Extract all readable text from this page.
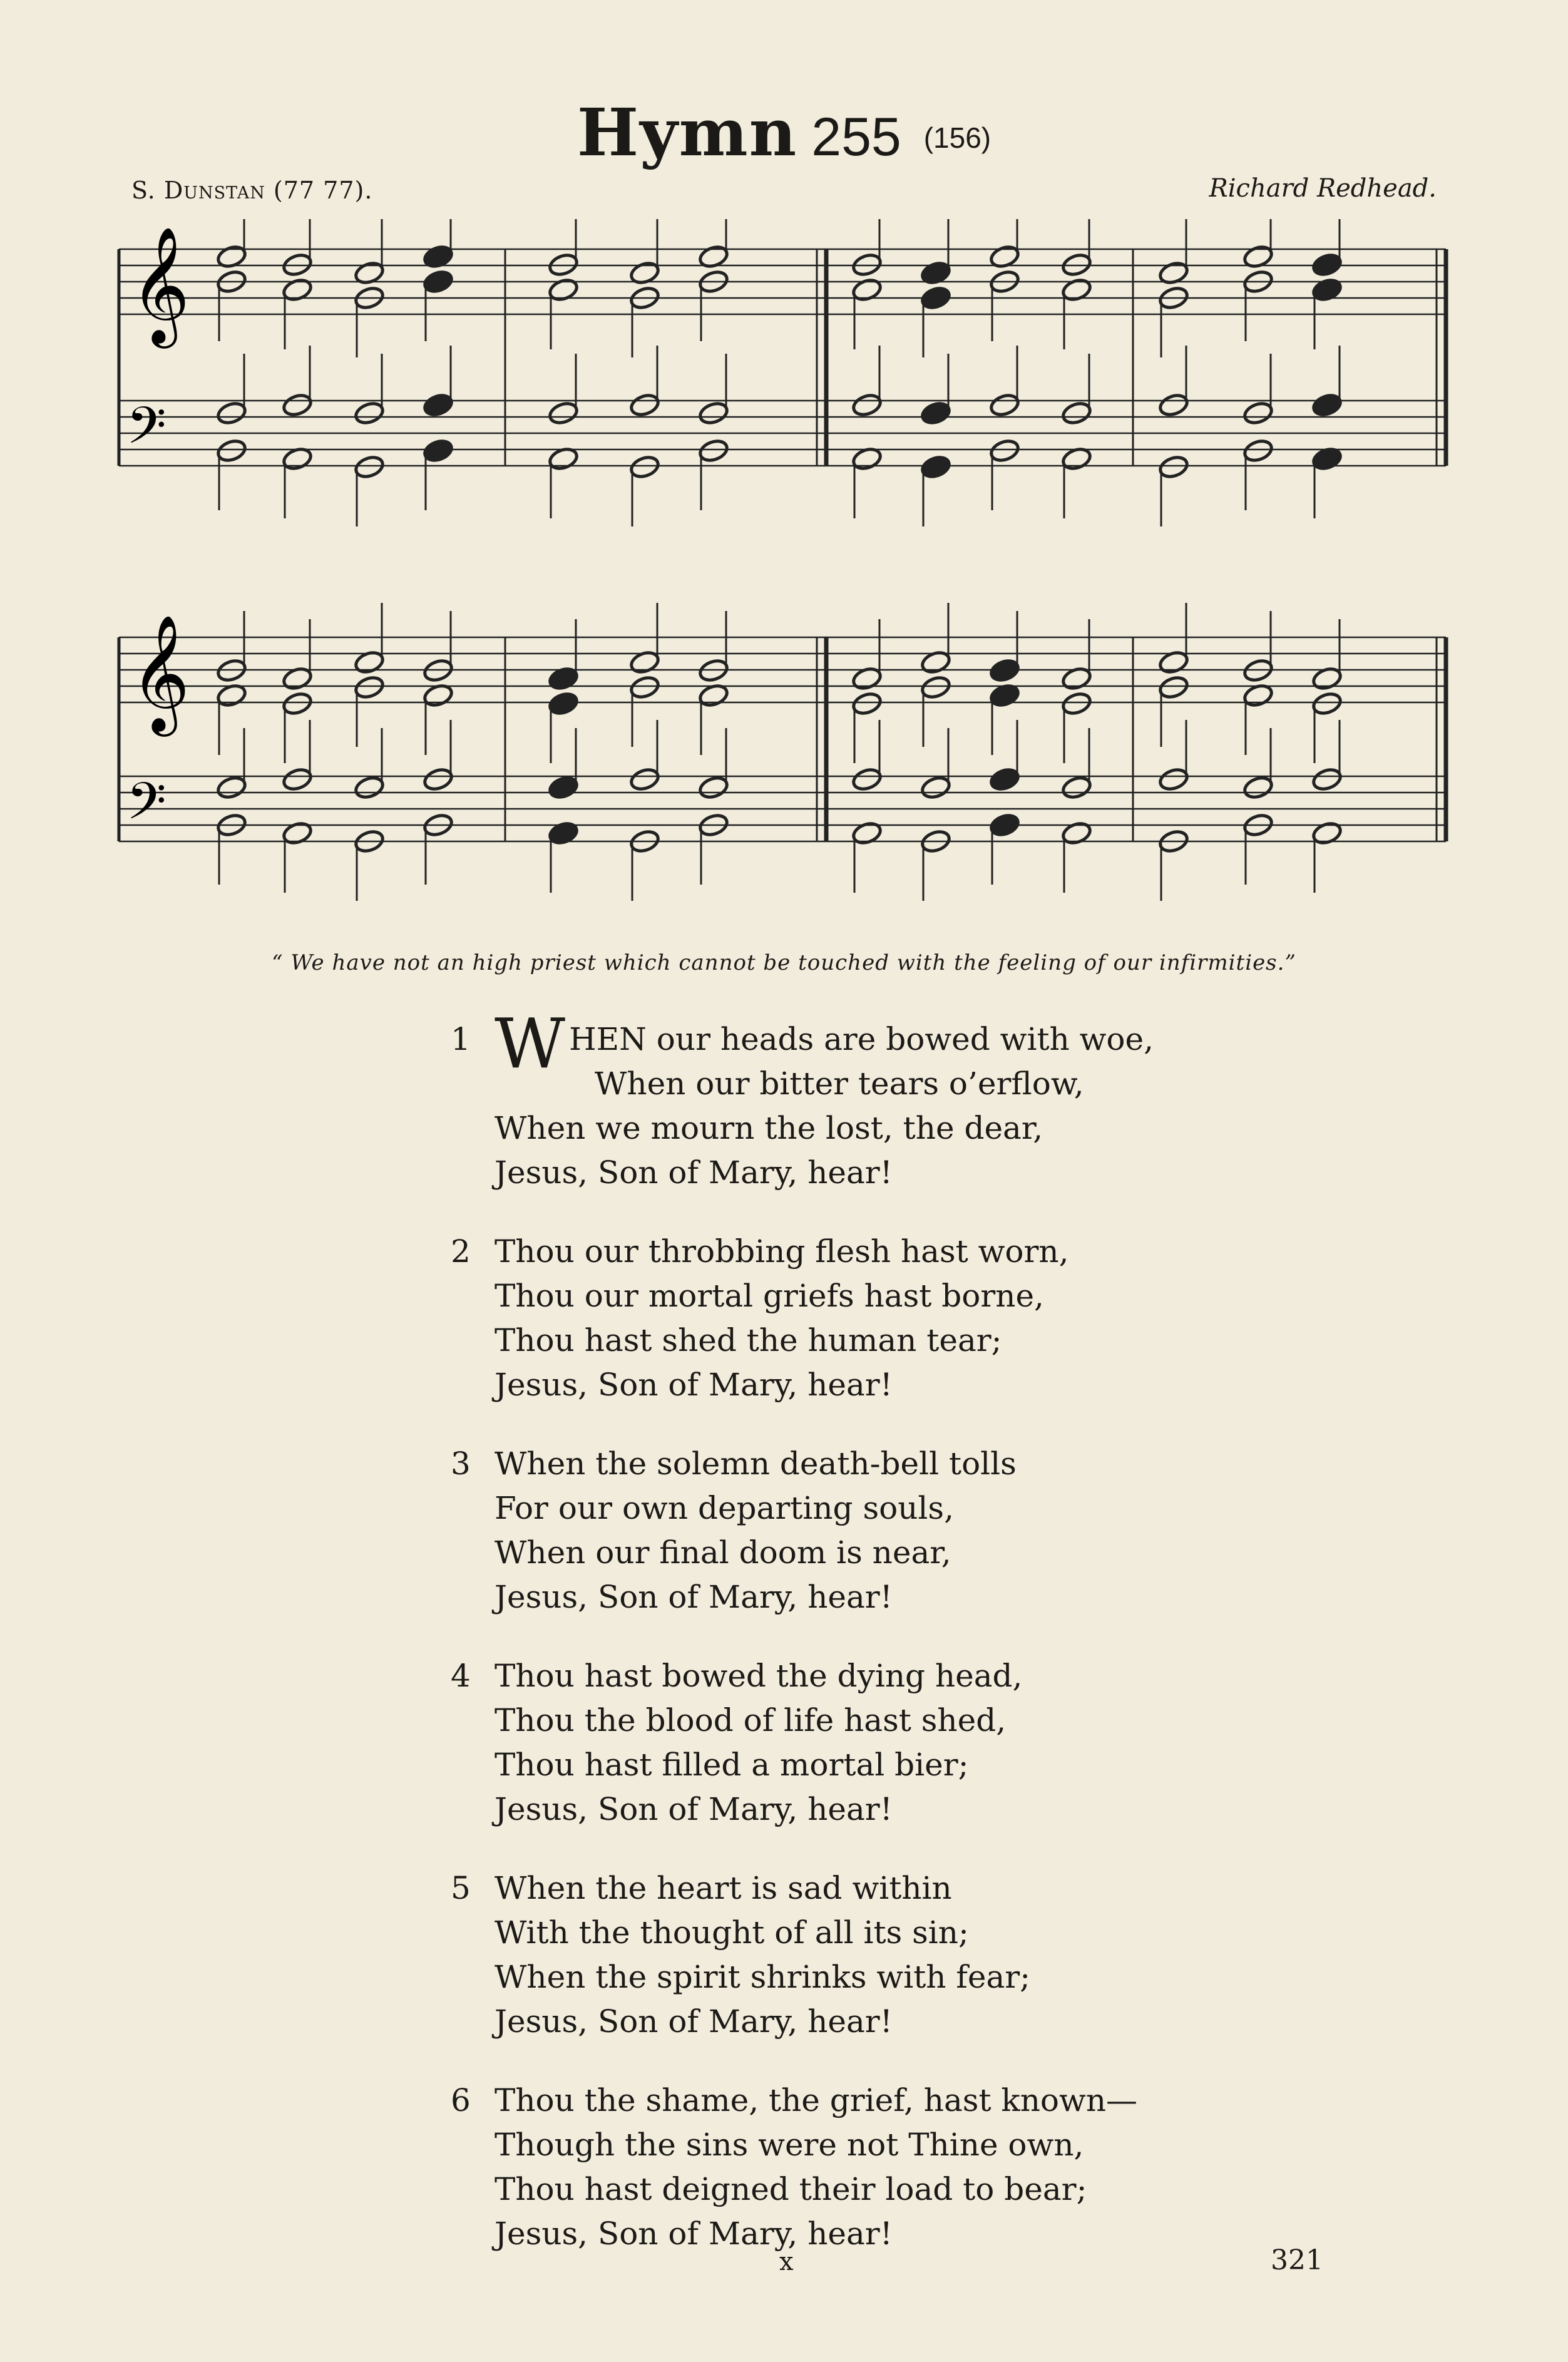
Hymn 255 (156)
S. Dunstan (77 77).	Richard Redhead.
𝄞
𝄢
𝄞
𝄢
“ We have not an high priest which cannot be touched with the feeling of our infirmities.”
1 WHEN our heads are bowed with woe,
When our bitter tears o’erflow,
When we mourn the lost, the dear,
Jesus, Son of Mary, hear!
2 Thou our throbbing flesh hast worn,
Thou our mortal griefs hast borne,
Thou hast shed the human tear;
Jesus, Son of Mary, hear!
3 When the solemn death-bell tolls
For our own departing souls,
When our final doom is near,
Jesus, Son of Mary, hear!
4 Thou hast bowed the dying head,
Thou the blood of life hast shed,
Thou hast filled a mortal bier;
Jesus, Son of Mary, hear!
5 When the heart is sad within
With the thought of all its sin;
When the spirit shrinks with fear;
Jesus, Son of Mary, hear!
6 Thou the shame, the grief, hast known—
Though the sins were not Thine own,
Thou hast deigned their load to bear;
Jesus, Son of Mary, hear!
x	321
